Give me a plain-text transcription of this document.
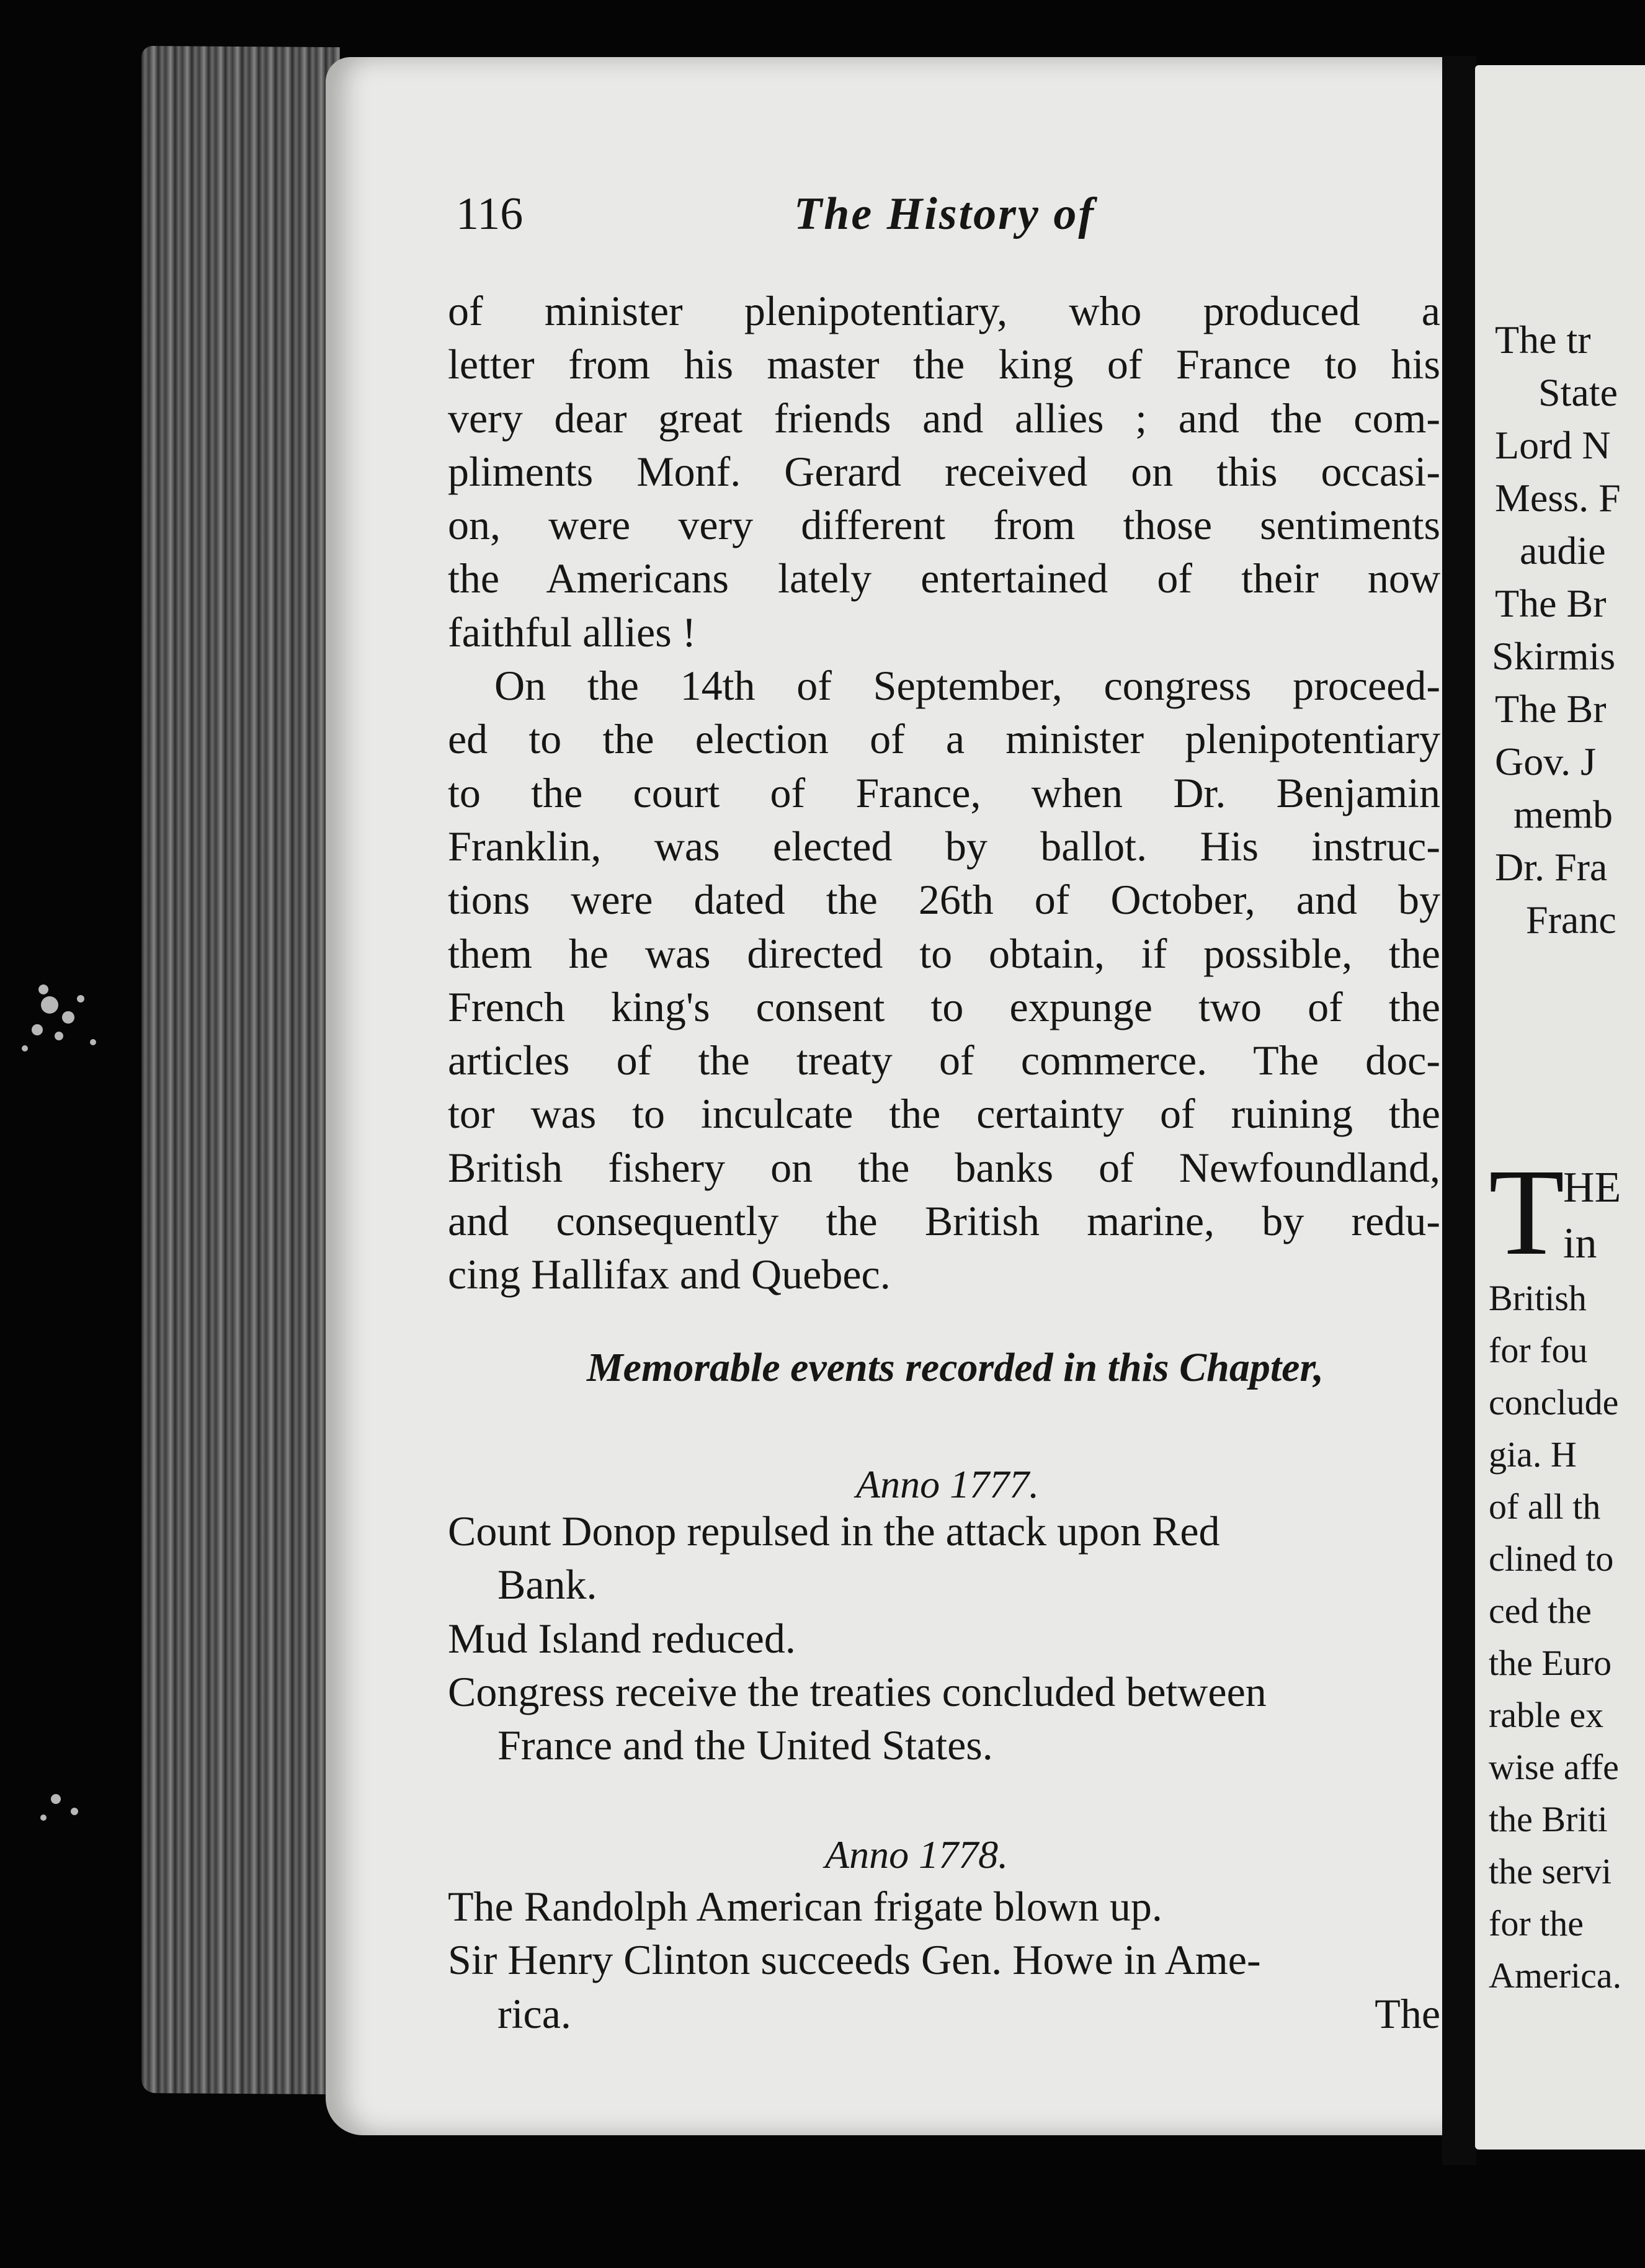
116	The History of
of minister plenipotentiary, who produced a
letter from his master the king of France to his
very dear great friends and allies ; and the com-
pliments Monf. Gerard received on this occasi-
on, were very different from those sentiments
the Americans lately entertained of their now
faithful allies !
On the 14th of September, congress proceed-
ed to the election of a minister plenipotentiary
to the court of France, when Dr. Benjamin
Franklin, was elected by ballot. His instruc-
tions were dated the 26th of October, and by
them he was directed to obtain, if possible, the
French king's consent to expunge two of the
articles of the treaty of commerce. The doc-
tor was to inculcate the certainty of ruining the
British fishery on the banks of Newfoundland,
and consequently the British marine, by redu-
cing Hallifax and Quebec.
Memorable events recorded in this Chapter,
Anno 1777.
Count Donop repulsed in the attack upon Red
Bank.
Mud Island reduced.
Congress receive the treaties concluded between
France and the United States.
Anno 1778.
The Randolph American frigate blown up.
Sir Henry Clinton succeeds Gen. Howe in Ame-
rica.	The
The tr
State
Lord N
Mess. F
audie
The Br
Skirmis
The Br
Gov. J
memb
Dr. Fra
Franc
T
HE
in
British
for fou
conclude
gia. H
of all th
clined to
ced the
the Euro
rable ex
wise affe
the Briti
the servi
for the
America.
